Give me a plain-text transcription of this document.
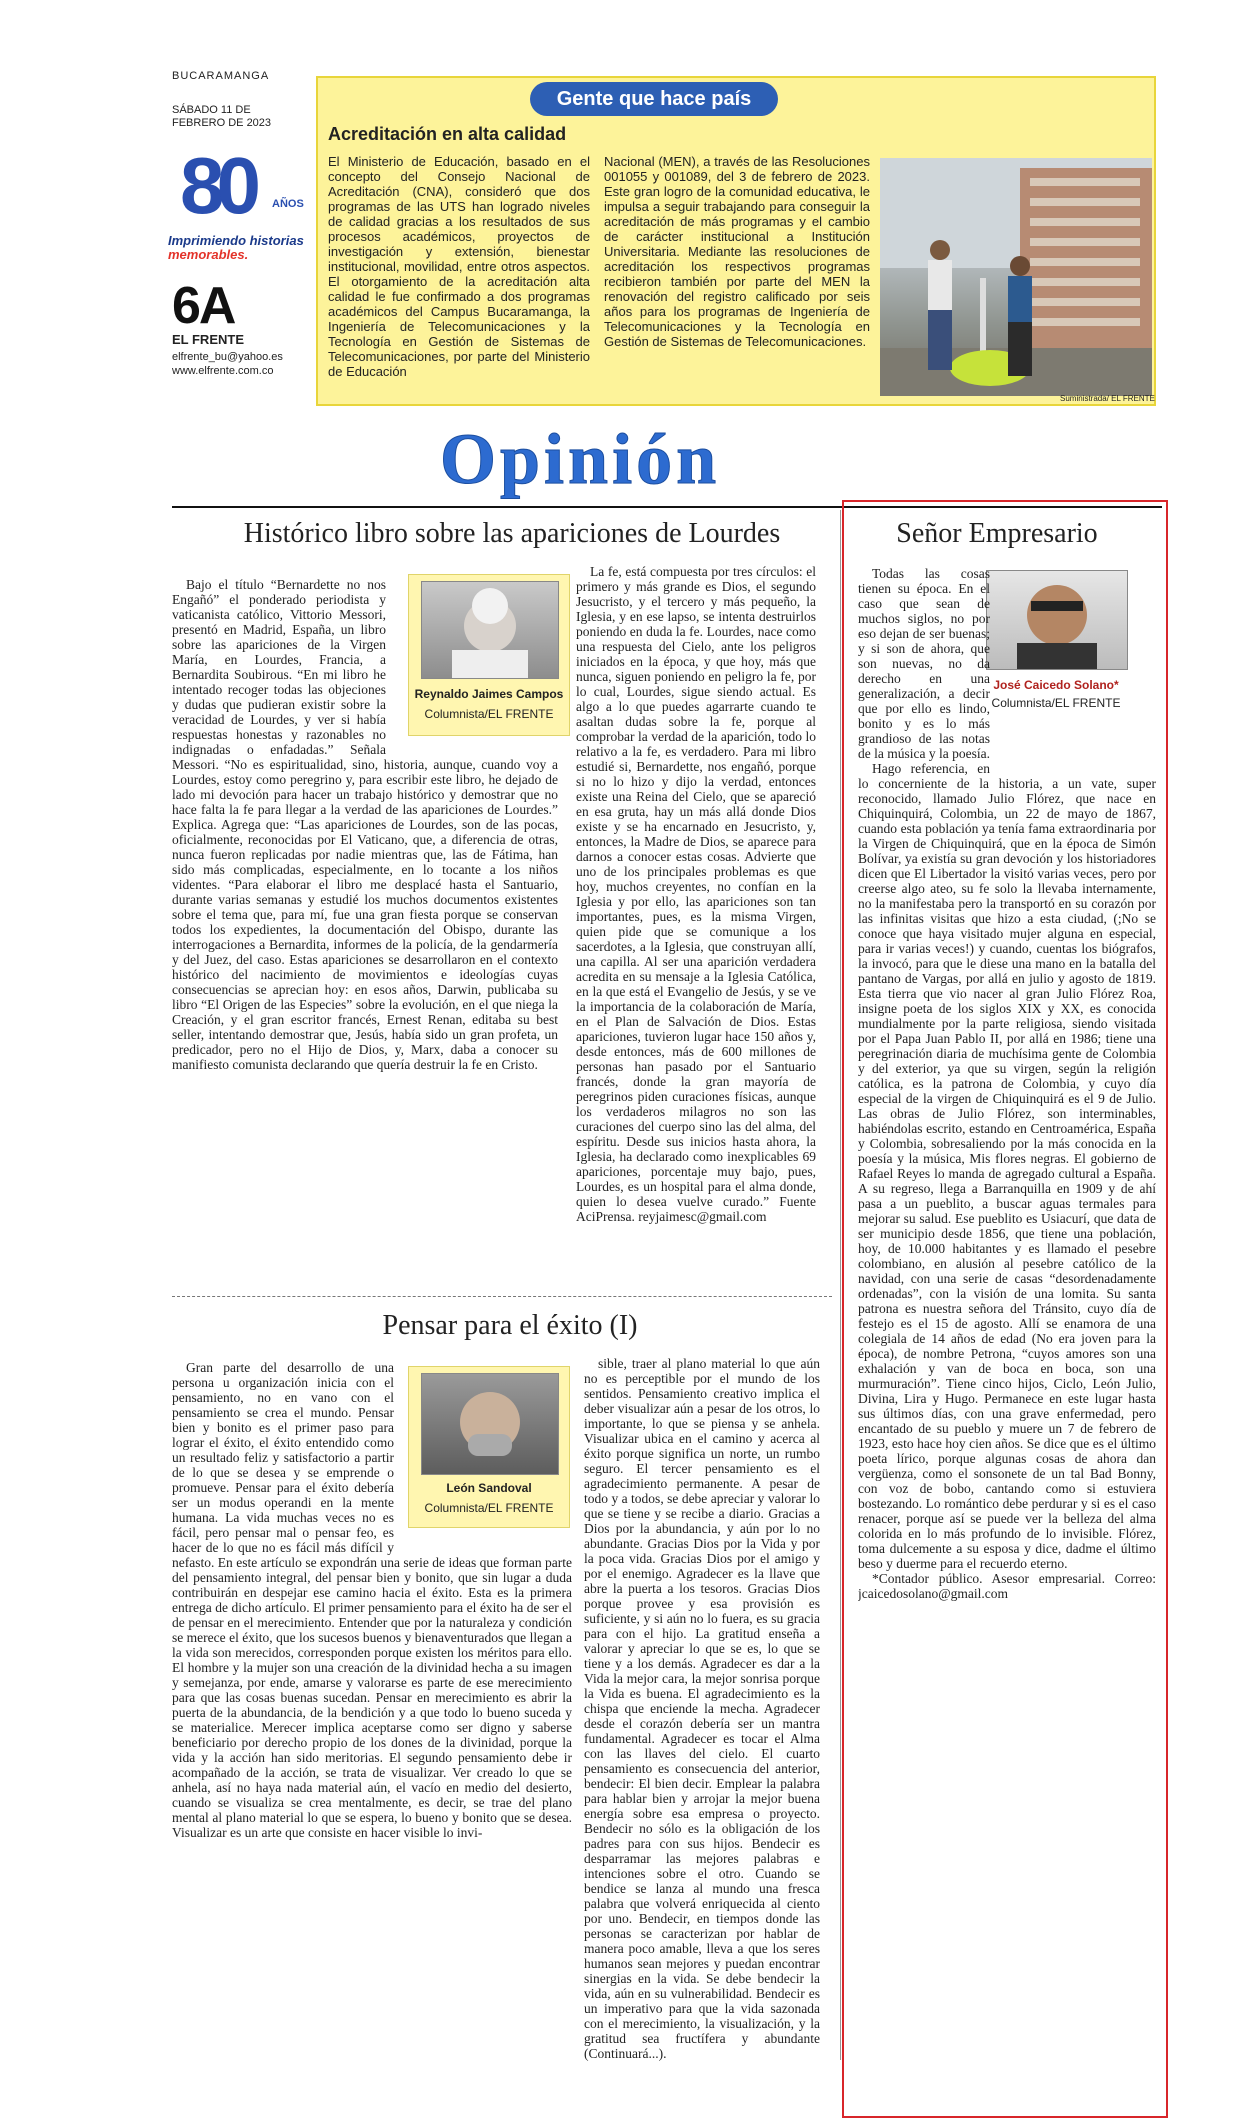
BUCARAMANGA
SÁBADO 11 DE FEBRERO DE 2023
80	AÑOS
Imprimiendo historias
memorables.
6A
EL FRENTE
elfrente_bu@yahoo.es
www.elfrente.com.co
Gente que hace país
Acreditación en alta calidad
El Ministerio de Educación, basado en el concepto del Consejo Nacional de Acreditación (CNA), consideró que dos programas de las UTS han logrado niveles de calidad gracias a los resultados de sus procesos académicos, proyectos de investigación y extensión, bienestar institucional, movilidad, entre otros aspectos. El otorgamiento de la acreditación alta calidad le fue confirmado a dos programas académicos del Campus Bucaramanga, la Ingeniería de Telecomunicaciones y la Tecnología en Gestión de Sistemas de Telecomunicaciones, por parte del Ministerio de Educación
Nacional (MEN), a través de las Resoluciones 001055 y 001089, del 3 de febrero de 2023. Este gran logro de la comunidad educativa, le impulsa a seguir trabajando para conseguir la acreditación de más programas y el cambio de carácter institucional a Institución Universitaria. Mediante las resoluciones de acreditación los respectivos programas recibieron también por parte del MEN la renovación del registro calificado por seis años para los programas de Ingeniería de Telecomunicaciones y la Tecnología en Gestión de Sistemas de Telecomunicaciones.
Suministrada/ EL FRENTE
Opinión
Histórico libro sobre las apariciones de Lourdes
Reynaldo Jaimes Campos
Columnista/EL FRENTE

Bajo el título “Bernardette no nos Engañó” el ponderado periodista y vaticanista católico, Vittorio Messori, presentó en Madrid, España, un libro sobre las apariciones de la Virgen María, en Lourdes, Francia, a Bernardita Soubirous. “En mi libro he intentado recoger todas las objeciones y dudas que pudieran existir sobre la veracidad de Lourdes, y ver si había respuestas honestas y razonables no indignadas o enfadadas.” Señala Messori. “No es espiritualidad, sino, historia, aunque, cuando voy a Lourdes, estoy como peregrino y, para escribir este libro, he dejado de lado mi devoción para hacer un trabajo histórico y demostrar que no hace falta la fe para llegar a la verdad de las apariciones de Lourdes.” Explica. Agrega que: “Las apariciones de Lourdes, son de las pocas, oficialmente, reconocidas por El Vaticano, que, a diferencia de otras, nunca fueron replicadas por nadie mientras que, las de Fátima, han sido más complicadas, especialmente, en lo tocante a los niños videntes. “Para elaborar el libro me desplacé hasta el Santuario, durante varias semanas y estudié los muchos documentos existentes sobre el tema que, para mí, fue una gran fiesta porque se conservan todos los expedientes, la documentación del Obispo, durante las interrogaciones a Bernardita, informes de la policía, de la gendarmería y del Juez, del caso. Estas apariciones se desarrollaron en el contexto histórico del nacimiento de movimientos e ideologías cuyas consecuencias se aprecian hoy: en esos años, Darwin, publicaba su libro “El Origen de las Especies” sobre la evolución, en el que niega la Creación, y el gran escritor francés, Ernest Renan, editaba su best seller, intentando demostrar que, Jesús, había sido un gran profeta, un predicador, pero no el Hijo de Dios, y, Marx, daba a conocer su manifiesto comunista declarando que quería destruir la fe en Cristo.

La fe, está compuesta por tres círculos: el primero y más grande es Dios, el segundo Jesucristo, y el tercero y más pequeño, la Iglesia, y en ese lapso, se intenta destruirlos poniendo en duda la fe. Lourdes, nace como una respuesta del Cielo, ante los peligros iniciados en la época, y que hoy, más que nunca, siguen poniendo en peligro la fe, por lo cual, Lourdes, sigue siendo actual. Es algo a lo que puedes agarrarte cuando te asaltan dudas sobre la fe, porque al comprobar la verdad de la aparición, todo lo relativo a la fe, es verdadero. Para mi libro estudié si, Bernardette, nos engañó, porque si no lo hizo y dijo la verdad, entonces existe una Reina del Cielo, que se apareció en esa gruta, hay un más allá donde Dios existe y se ha encarnado en Jesucristo, y, entonces, la Madre de Dios, se aparece para darnos a conocer estas cosas. Advierte que uno de los principales problemas es que hoy, muchos creyentes, no confían en la Iglesia y por ello, las apariciones son tan importantes, pues, es la misma Virgen, quien pide que se comunique a los sacerdotes, a la Iglesia, que construyan allí, una capilla. Al ser una aparición verdadera acredita en su mensaje a la Iglesia Católica, en la que está el Evangelio de Jesús, y se ve la importancia de la colaboración de María, en el Plan de Salvación de Dios. Estas apariciones, tuvieron lugar hace 150 años y, desde entonces, más de 600 millones de personas han pasado por el Santuario francés, donde la gran mayoría de peregrinos piden curaciones físicas, aunque los verdaderos milagros no son las curaciones del cuerpo sino las del alma, del espíritu. Desde sus inicios hasta ahora, la Iglesia, ha declarado como inexplicables 69 apariciones, porcentaje muy bajo, pues, Lourdes, es un hospital para el alma donde, quien lo desea vuelve curado.” Fuente AciPrensa. reyjaimesc@gmail.com

Pensar para el éxito (I)
León Sandoval
Columnista/EL FRENTE

Gran parte del desarrollo de una persona u organización inicia con el pensamiento, no en vano con el pensamiento se crea el mundo. Pensar bien y bonito es el primer paso para lograr el éxito, el éxito entendido como un resultado feliz y satisfactorio a partir de lo que se desea y se emprende o promueve. Pensar para el éxito debería ser un modus operandi en la mente humana. La vida muchas veces no es fácil, pero pensar mal o pensar feo, es hacer de lo que no es fácil más difícil y nefasto. En este artículo se expondrán una serie de ideas que forman parte del pensamiento integral, del pensar bien y bonito, que sin lugar a duda contribuirán en despejar ese camino hacia el éxito. Esta es la primera entrega de dicho artículo. El primer pensamiento para el éxito ha de ser el de pensar en el merecimiento. Entender que por la naturaleza y condición se merece el éxito, que los sucesos buenos y bienaventurados que llegan a la vida son merecidos, corresponden porque existen los méritos para ello. El hombre y la mujer son una creación de la divinidad hecha a su imagen y semejanza, por ende, amarse y valorarse es parte de ese merecimiento para que las cosas buenas sucedan. Pensar en merecimiento es abrir la puerta de la abundancia, de la bendición y a que todo lo bueno suceda y se materialice. Merecer implica aceptarse como ser digno y saberse beneficiario por derecho propio de los dones de la divinidad, porque la vida y la acción han sido meritorias. El segundo pensamiento debe ir acompañado de la acción, se trata de visualizar. Ver creado lo que se anhela, así no haya nada material aún, el vacío en medio del desierto, cuando se visualiza se crea mentalmente, es decir, se trae del plano mental al plano material lo que se espera, lo bueno y bonito que se desea. Visualizar es un arte que consiste en hacer visible lo invi-

sible, traer al plano material lo que aún no es perceptible por el mundo de los sentidos. Pensamiento creativo implica el deber visualizar aún a pesar de los otros, lo importante, lo que se piensa y se anhela. Visualizar ubica en el camino y acerca al éxito porque significa un norte, un rumbo seguro. El tercer pensamiento es el agradecimiento permanente. A pesar de todo y a todos, se debe apreciar y valorar lo que se tiene y se recibe a diario. Gracias a Dios por la abundancia, y aún por lo no abundante. Gracias Dios por la Vida y por la poca vida. Gracias Dios por el amigo y por el enemigo. Agradecer es la llave que abre la puerta a los tesoros. Gracias Dios porque provee y esa provisión es suficiente, y si aún no lo fuera, es su gracia para con el hijo. La gratitud enseña a valorar y apreciar lo que se es, lo que se tiene y a los demás. Agradecer es dar a la Vida la mejor cara, la mejor sonrisa porque la Vida es buena. El agradecimiento es la chispa que enciende la mecha. Agradecer desde el corazón debería ser un mantra fundamental. Agradecer es tocar el Alma con las llaves del cielo. El cuarto pensamiento es consecuencia del anterior, bendecir: El bien decir. Emplear la palabra para hablar bien y arrojar la mejor buena energía sobre esa empresa o proyecto. Bendecir no sólo es la obligación de los padres para con sus hijos. Bendecir es desparramar las mejores palabras e intenciones sobre el otro. Cuando se bendice se lanza al mundo una fresca palabra que volverá enriquecida al ciento por uno. Bendecir, en tiempos donde las personas se caracterizan por hablar de manera poco amable, lleva a que los seres humanos sean mejores y puedan encontrar sinergias en la vida. Se debe bendecir la vida, aún en su vulnerabilidad. Bendecir es un imperativo para que la vida sazonada con el merecimiento, la visualización, y la gratitud sea fructífera y abundante (Continuará...).

Señor Empresario
José Caicedo Solano*
Columnista/EL FRENTE

Todas las cosas tienen su época. En el caso que sean de muchos siglos, no por eso dejan de ser buenas; y si son de ahora, que son nuevas, no da derecho en una generalización, a decir que por ello es lindo, bonito y es lo más grandioso de las notas de la música y la poesía.

Hago referencia, en lo concerniente de la historia, a un vate, super reconocido, llamado Julio Flórez, que nace en Chiquinquirá, Colombia, un 22 de mayo de 1867, cuando esta población ya tenía fama extraordinaria por la Virgen de Chiquinquirá, que en la época de Simón Bolívar, ya existía su gran devoción y los historiadores dicen que El Libertador la visitó varias veces, pero por creerse algo ateo, su fe solo la llevaba internamente, no la manifestaba pero la transportó en su corazón por las infinitas visitas que hizo a esta ciudad, (;No se conoce que haya visitado mujer alguna en especial, para ir varias veces!) y cuando, cuentas los biógrafos, la invocó, para que le diese una mano en la batalla del pantano de Vargas, por allá en julio y agosto de 1819. Esta tierra que vio nacer al gran Julio Flórez Roa, insigne poeta de los siglos XIX y XX, es conocida mundialmente por la parte religiosa, siendo visitada por el Papa Juan Pablo II, por allá en 1986; tiene una peregrinación diaria de muchísima gente de Colombia y del exterior, ya que su virgen, según la religión católica, es la patrona de Colombia, y cuyo día especial de la virgen de Chiquinquirá es el 9 de Julio. Las obras de Julio Flórez, son interminables, habiéndolas escrito, estando en Centroamérica, España y Colombia, sobresaliendo por la más conocida en la poesía y la música, Mis flores negras. El gobierno de Rafael Reyes lo manda de agregado cultural a España. A su regreso, llega a Barranquilla en 1909 y de ahí pasa a un pueblito, a buscar aguas termales para mejorar su salud. Ese pueblito es Usiacurí, que data de ser municipio desde 1856, que tiene una población, hoy, de 10.000 habitantes y es llamado el pesebre colombiano, en alusión al pesebre católico de la navidad, con una serie de casas “desordenadamente ordenadas”, con la visión de una lomita. Su santa patrona es nuestra señora del Tránsito, cuyo día de festejo es el 15 de agosto. Allí se enamora de una colegiala de 14 años de edad (No era joven para la época), de nombre Petrona, “cuyos amores son una exhalación y van de boca en boca, son una murmuración”. Tiene cinco hijos, Ciclo, León Julio, Divina, Lira y Hugo. Permanece en este lugar hasta sus últimos días, con una grave enfermedad, pero encantado de su pueblo y muere un 7 de febrero de 1923, esto hace hoy cien años. Se dice que es el último poeta lírico, porque algunas cosas de ahora dan vergüenza, como el sonsonete de un tal Bad Bonny, con voz de bobo, cantando como si estuviera bostezando. Lo romántico debe perdurar y si es el caso renacer, porque así se puede ver la belleza del alma colorida en lo más profundo de lo invisible. Flórez, toma dulcemente a su esposa y dice, dadme el último beso y duerme para el recuerdo eterno.

*Contador público. Asesor empresarial. Correo: jcaicedosolano@gmail.com
